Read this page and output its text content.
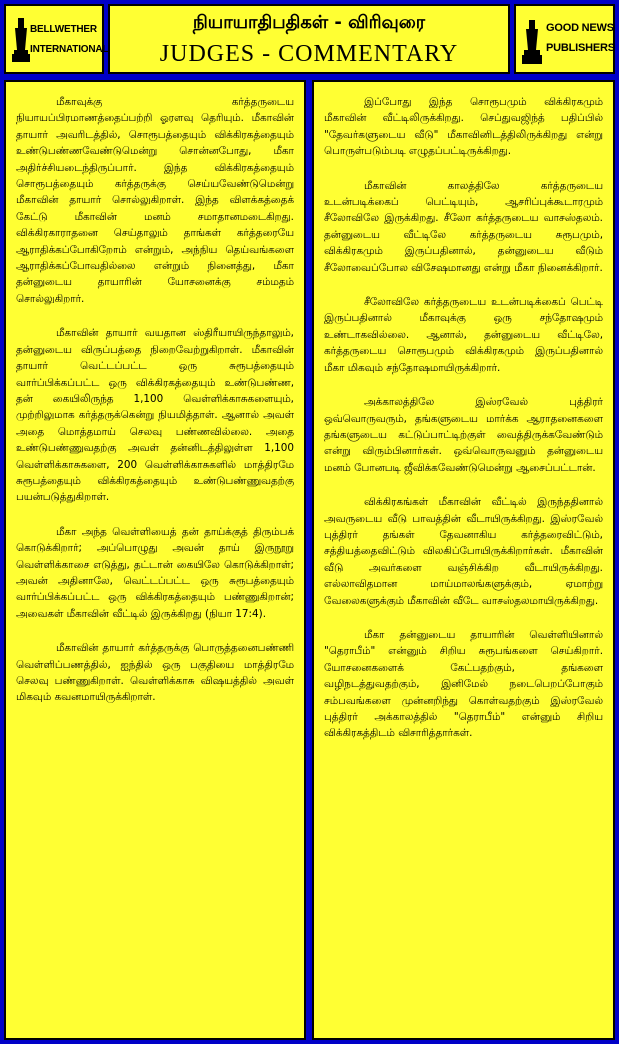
BELLWETHER
INTERNATIONAL
நியாயாதிபதிகள் - விரிவுரை
JUDGES - COMMENTARY
GOOD NEWS
PUBLISHERS

மீகாவுக்கு கர்த்தருடைய நியாயப்பிரமாணத்தைப்பற்றி ஓரளவு தெரியும். மீகாவின் தாயார் அவரிடத்தில், சொரூபத்தையும் விக்கிரகத்தையும் உண்டுபண்ணவேண்டுமென்று சொன்னபோது, மீகா அதிர்ச்சியடைந்திருப்பார். இந்த விக்கிரகத்தையும் சொரூபத்தையும் கர்த்தருக்கு செய்யவேண்டுமென்று மீகாவின் தாயார் சொல்லுகிறாள். இந்த விளக்கத்தைக் கேட்டு மீகாவின் மனம் சமாதானமடைகிறது. விக்கிரகாராதனை செய்தாலும் தாங்கள் கர்த்தரையே ஆராதிக்கப்போகிறோம் என்றும், அந்நிய தெய்வங்களை ஆராதிக்கப்போவதில்லை என்றும் நினைத்து, மீகா தன்னுடைய தாயாரின் யோசனைக்கு சம்மதம் சொல்லுகிறார்.

மீகாவின் தாயார் வயதான ஸ்திரீயாயிருந்தாலும், தன்னுடைய விருப்பத்தை நிறைவேற்றுகிறாள். மீகாவின் தாயார் வெட்டப்பட்ட ஒரு சுரூபத்தையும் வார்ப்பிக்கப்பட்ட ஒரு விக்கிரகத்தையும் உண்டுபண்ண, தன் கையிலிருந்த 1,100 வெள்ளிக்காசுகளையும், முற்றிலுமாக கர்த்தருக்கென்று நியமித்தாள். ஆனால் அவள் அதை மொத்தமாய் செலவு பண்ணவில்லை. அதை உண்டுபண்ணுவதற்கு அவள் தன்னிடத்திலுள்ள 1,100 வெள்ளிக்காசுகளை, 200 வெள்ளிக்காசுகளில் மாத்திரமே சுரூபத்தையும் விக்கிரகத்தையும் உண்டுபண்ணுவதற்கு பயன்படுத்துகிறாள்.

மீகா அந்த வெள்ளியைத் தன் தாய்க்குத் திரும்பக் கொடுக்கிறார்; அப்பொழுது அவன் தாய் இருநூறு வெள்ளிக்காசை எடுத்து, தட்டான் கையிலே கொடுக்கிறாள்; அவன் அதினாலே, வெட்டப்பட்ட ஒரு சுரூபத்தையும் வார்ப்பிக்கப்பட்ட ஒரு விக்கிரகத்தையும் பண்ணுகிறான்; அவைகள் மீகாவின் வீட்டில் இருக்கிறது (நியா 17:4).

மீகாவின் தாயார் கர்த்தருக்கு பொருத்தனைபண்ணி வெள்ளிப்பணத்தில், ஐந்தில் ஒரு பகுதியை மாத்திரமே செலவு பண்ணுகிறாள். வெள்ளிக்காசு விஷயத்தில் அவள் மிகவும் கவனமாயிருக்கிறாள்.

இப்போது இந்த சொரூபமும் விக்கிரகமும் மீகாவின் வீட்டிலிருக்கிறது. செப்துவஜிந்த் பதிப்பில் "தேவர்களுடைய வீடு" மீகாவினிடத்திலிருக்கிறது என்று பொருள்படும்படி எழுதப்பட்டிருக்கிறது.

மீகாவின் காலத்திலே கர்த்தருடைய உடன்படிக்கைப் பெட்டியும், ஆசரிப்புக்கூடாரமும் சீலோவிலே இருக்கிறது. சீலோ கர்த்தருடைய வாசஸ்தலம். தன்னுடைய வீட்டிலே கர்த்தருடைய சுரூபமும், விக்கிரகமும் இருப்பதினால், தன்னுடைய வீடும் சீலோவைப்போல விசேஷமானது என்று மீகா நினைக்கிறார்.

சீலோவிலே கர்த்தருடைய உடன்படிக்கைப் பெட்டி இருப்பதினால் மீகாவுக்கு ஒரு சந்தோஷமும் உண்டாகவில்லை. ஆனால், தன்னுடைய வீட்டிலே, கர்த்தருடைய சொரூபமும் விக்கிரகமும் இருப்பதினால் மீகா மிகவும் சந்தோஷமாயிருக்கிறார்.

அக்காலத்திலே இஸ்ரவேல் புத்திரர் ஒவ்வொருவரும், தங்களுடைய மார்க்க ஆராதனைகளை தங்களுடைய கட்டுப்பாட்டிற்குள் வைத்திருக்கவேண்டும் என்று விரும்பினார்கள். ஒவ்வொருவனும் தன்னுடைய மனம் போனபடி ஜீவிக்கவேண்டுமென்று ஆசைப்பட்டான்.

விக்கிரகங்கள் மீகாவின் வீட்டில் இருந்ததினால் அவருடைய வீடு பாவத்தின் வீடாயிருக்கிறது. இஸ்ரவேல் புத்திரர் தங்கள் தேவனாகிய கர்த்தரைவிட்டும், சத்தியத்தைவிட்டும் விலகிப்போயிருக்கிறார்கள். மீகாவின் வீடு அவர்களை வஞ்சிக்கிற வீடாயிருக்கிறது. எல்லாவிதமான மாய்மாலங்களுக்கும், ஏமாற்று வேலைகளுக்கும் மீகாவின் வீடே வாசஸ்தலமாயிருக்கிறது.

மீகா தன்னுடைய தாயாரின் வெள்ளியினால் "தெராபீம்" என்னும் சிறிய சுரூபங்களை செய்கிறார். யோசனைகளைக் கேட்பதற்கும், தங்களை வழிநடத்துவதற்கும், இனிமேல் நடைபெறப்போகும் சம்பவங்களை முன்னறிந்து கொள்வதற்கும் இஸ்ரவேல் புத்திரர் அக்காலத்தில் "தெராபீம்" என்னும் சிறிய விக்கிரகத்திடம் விசாரித்தார்கள்.
